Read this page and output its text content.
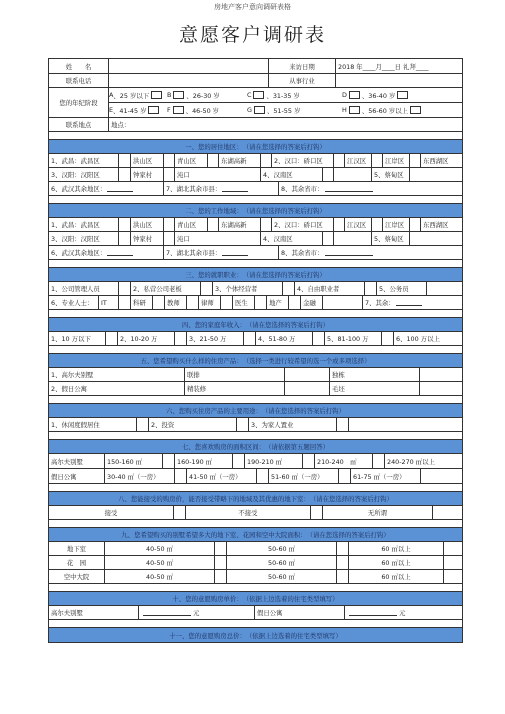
房地产客户意向调研表格
意愿客户调研表
姓　　名	来访日期	2018 年____月____日 礼拜____
联系电话	从事行业
您的年纪阶段
A 、25 岁以下	B 、26-30 岁	C 、31-35 岁	D 、36-40 岁
E 、41-45 岁	F 、46-50 岁	G 、51-55 岁	H 、56-60 岁以上
联系地点	地点：
一、您的居住地区：　（请在您选择的答案后打钩）
1、武昌：武昌区	洪山区	青山区	东湖高新	2、汉口：硚口区	江汉区	江岸区	东西湖区
3、汉阳：汉阳区	钟家村	沌口	4、汉南区	5、蔡甸区
6、武汉其余地区：	7、湖北其余市县：	8、其余省市：
二、您的工作地域：　（请在您选择的答案后打钩）
1、武昌：武昌区	洪山区	青山区	东湖高新	2、汉口：硚口区	江汉区	江岸区	东西湖区
3、汉阳：汉阳区	钟家村	沌口	4、汉南区	5、蔡甸区
6、武汉其余地区：	7、湖北其余市县：	8、其余省市：
三、您的就职职业：　（请在您选择的答案后打钩）
1、公司管理人员	2、私营公司老板	3、个体经营者	4、自由职业者	5、公务员
6、专业人士：	IT	科研	教师	律师	医生	地产	金融	7、其余：
四、您的家庭年收入：　（请在您选择的答案后打钩）
1、10 万以下	2、10-20 万	3、21-50 万	4、51-80 万	5、81-100 万	6、100 万以上
五、您希望购买什么样的住房产品：　（选择一类进行较希望的选一个或多项选择）
1、高尔夫别墅	联排	独栋
2、假日公寓	精装修	毛坯
六、您购买住房产品的主要用途：　（请在您选择的答案后打钩）
1、休闲度假居住	2、投资	3、为家人置业
七、您喜欢购房的面积区间：　（请依据第五题回答）
高尔夫别墅	150-160 ㎡	160-190 ㎡	190-210 ㎡	210-240　㎡	240-270 ㎡以上
假日公寓	30-40 ㎡（一房）	41-50 ㎡（一房）	51-60 ㎡（一房）	61-75 ㎡（一房）
八、您能接受的购房价，能否接受带略下的地域及其优惠的地下室：　（请在您选择的答案后打钩）
接受	不接受	无所谓
九、您希望购买的别墅希望多大的地下室、花园和空中大院面积：　（请在您选择的答案后打钩）
地下室	40-50 ㎡	50-60 ㎡	60 ㎡以上
花　园	40-50 ㎡	50-60 ㎡	60 ㎡以上
空中大院	40-50 ㎡	50-60 ㎡	60 ㎡以上
十、您的意愿购房单价：　（依据上边选着的住宅类型填写）
高尔夫别墅	元	假日公寓	元
十一、您的意愿购房总价：　（依据上边选着的住宅类型填写）
